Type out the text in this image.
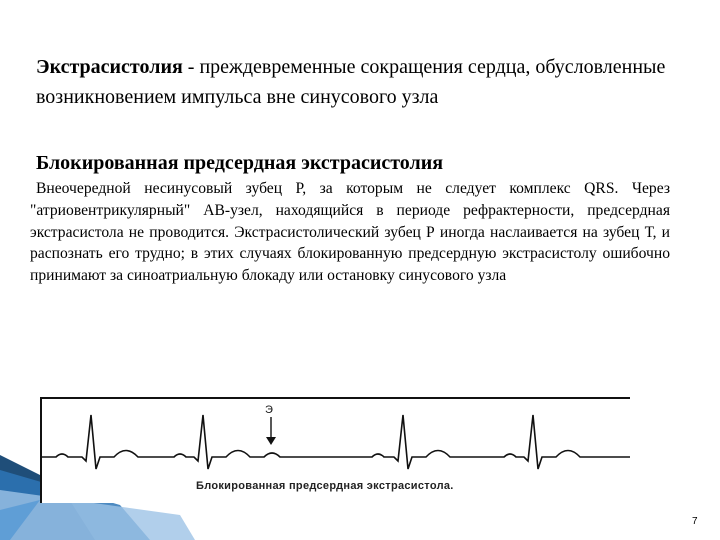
Экстрасистолия - преждевременные сокращения сердца, обусловленные возникновением импульса вне синусового узла
Блокированная предсердная экстрасистолия
Внеочередной несинусовый зубец Р, за которым не следует комплекс QRS. Через "атриовентрикулярный" АВ-узел, находящийся в периоде рефрактерности, предсердная экстрасистола не проводится. Экстрасистолический зубец Р иногда наслаивается на зубец Т, и распознать его трудно; в этих случаях блокированную предсердную экстрасистолу ошибочно принимают за синоатриальную блокаду или остановку синусового узла
Э
Блокированная предсердная экстрасистола.
7
